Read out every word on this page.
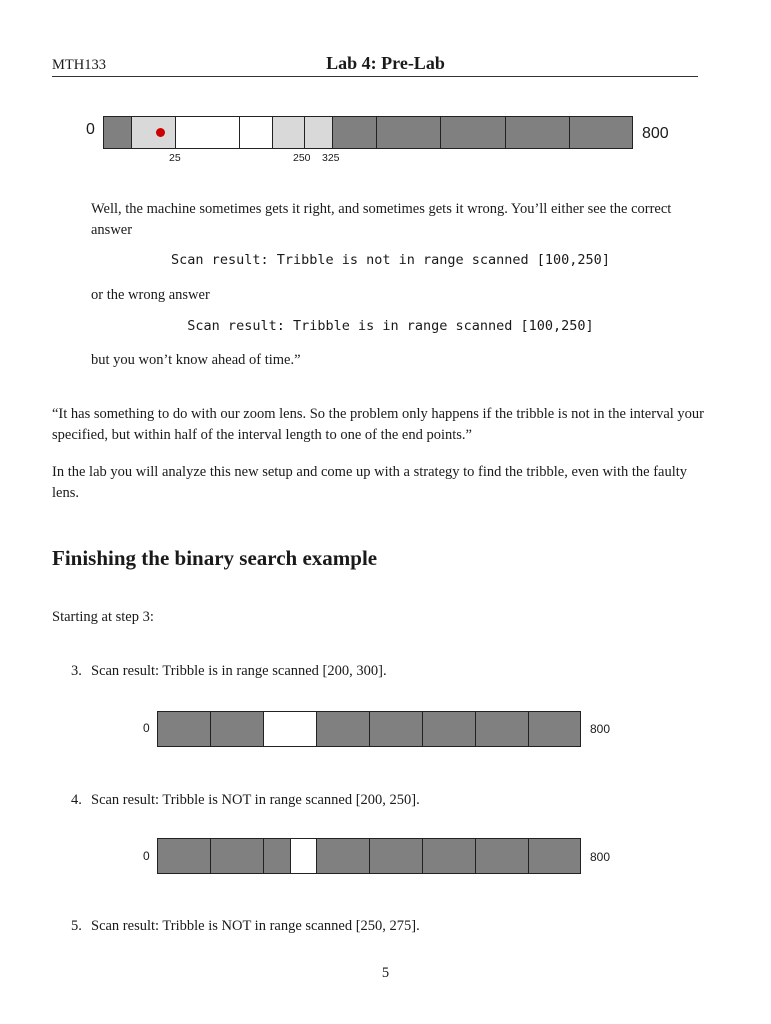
MTH133	Lab 4: Pre-Lab
0	800
25	250 325
Well, the machine sometimes gets it right, and sometimes gets it wrong. You’ll either see the correct answer
Scan result: Tribble is not in range scanned [100,250]
or the wrong answer
Scan result: Tribble is in range scanned [100,250]
but you won’t know ahead of time.”
“It has something to do with our zoom lens. So the problem only happens if the tribble is not in the interval your specified, but within half of the interval length to one of the end points.”
In the lab you will analyze this new setup and come up with a strategy to find the tribble, even with the faulty lens.
Finishing the binary search example
Starting at step 3:
3. Scan result: Tribble is in range scanned [200, 300].
0	800
4. Scan result: Tribble is NOT in range scanned [200, 250].
0	800
5. Scan result: Tribble is NOT in range scanned [250, 275].
5
